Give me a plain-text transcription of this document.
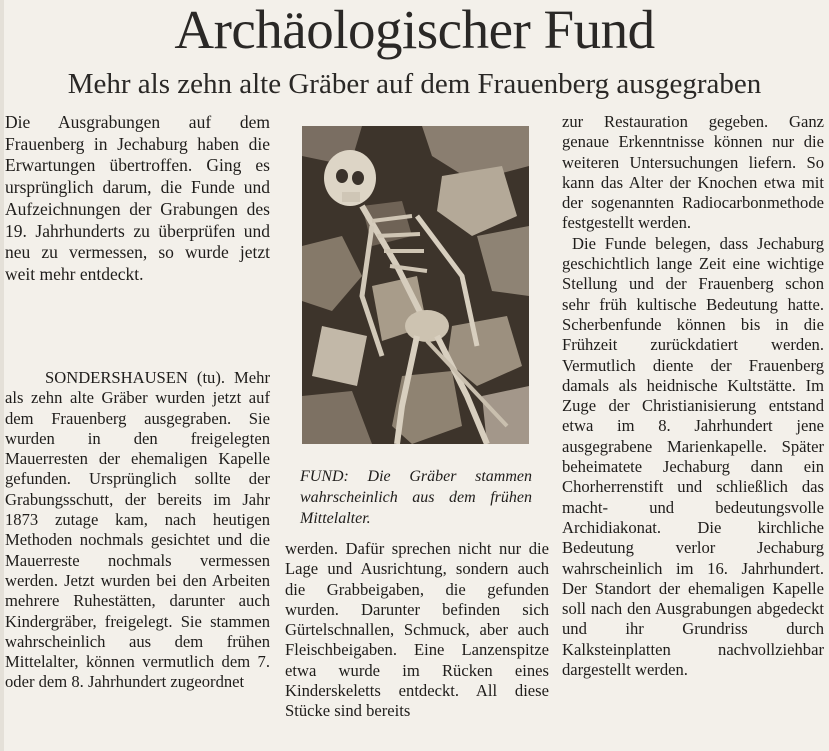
Archäologischer Fund
Mehr als zehn alte Gräber auf dem Frauenberg ausgegraben

Die Ausgrabungen auf dem Frauenberg in Jechaburg haben die Erwartungen übertroffen. Ging es ursprünglich darum, die Funde und Aufzeichnungen der Grabungen des 19. Jahrhunderts zu überprüfen und neu zu vermessen, so wurde jetzt weit mehr entdeckt.

SONDERSHAUSEN (tu). Mehr als zehn alte Gräber wurden jetzt auf dem Frauenberg ausgegraben. Sie wurden in den freigelegten Mauerresten der ehemaligen Kapelle gefunden. Ursprünglich sollte der Grabungsschutt, der bereits im Jahr 1873 zutage kam, nach heutigen Methoden nochmals gesichtet und die Mauerreste nochmals vermessen werden. Jetzt wurden bei den Arbeiten mehrere Ruhestätten, darunter auch Kindergräber, freigelegt. Sie stammen wahrscheinlich aus dem frühen Mittelalter, können vermutlich dem 7. oder dem 8. Jahrhundert zugeordnet

FUND: Die Gräber stammen wahrscheinlich aus dem frühen Mittelalter.

werden. Dafür sprechen nicht nur die Lage und Ausrichtung, sondern auch die Grabbeigaben, die gefunden wurden. Darunter befinden sich Gürtelschnallen, Schmuck, aber auch Fleischbeigaben. Eine Lanzenspitze etwa wurde im Rücken eines Kinderskeletts entdeckt. All diese Stücke sind bereits

zur Restauration gegeben. Ganz genaue Erkenntnisse können nur die weiteren Untersuchungen liefern. So kann das Alter der Knochen etwa mit der sogenannten Radiocarbonmethode festgestellt werden.

Die Funde belegen, dass Jechaburg geschichtlich lange Zeit eine wichtige Stellung und der Frauenberg schon sehr früh kultische Bedeutung hatte. Scherbenfunde können bis in die Frühzeit zurückdatiert werden. Vermutlich diente der Frauenberg damals als heidnische Kultstätte. Im Zuge der Christianisierung entstand etwa im 8. Jahrhundert jene ausgegrabene Marienkapelle. Später beheimatete Jechaburg dann ein Chorherrenstift und schließlich das macht- und bedeutungsvolle Archidiakonat. Die kirchliche Bedeutung verlor Jechaburg wahrscheinlich im 16. Jahrhundert. Der Standort der ehemaligen Kapelle soll nach den Ausgrabungen abgedeckt und ihr Grundriss durch Kalksteinplatten nachvollziehbar dargestellt werden.
